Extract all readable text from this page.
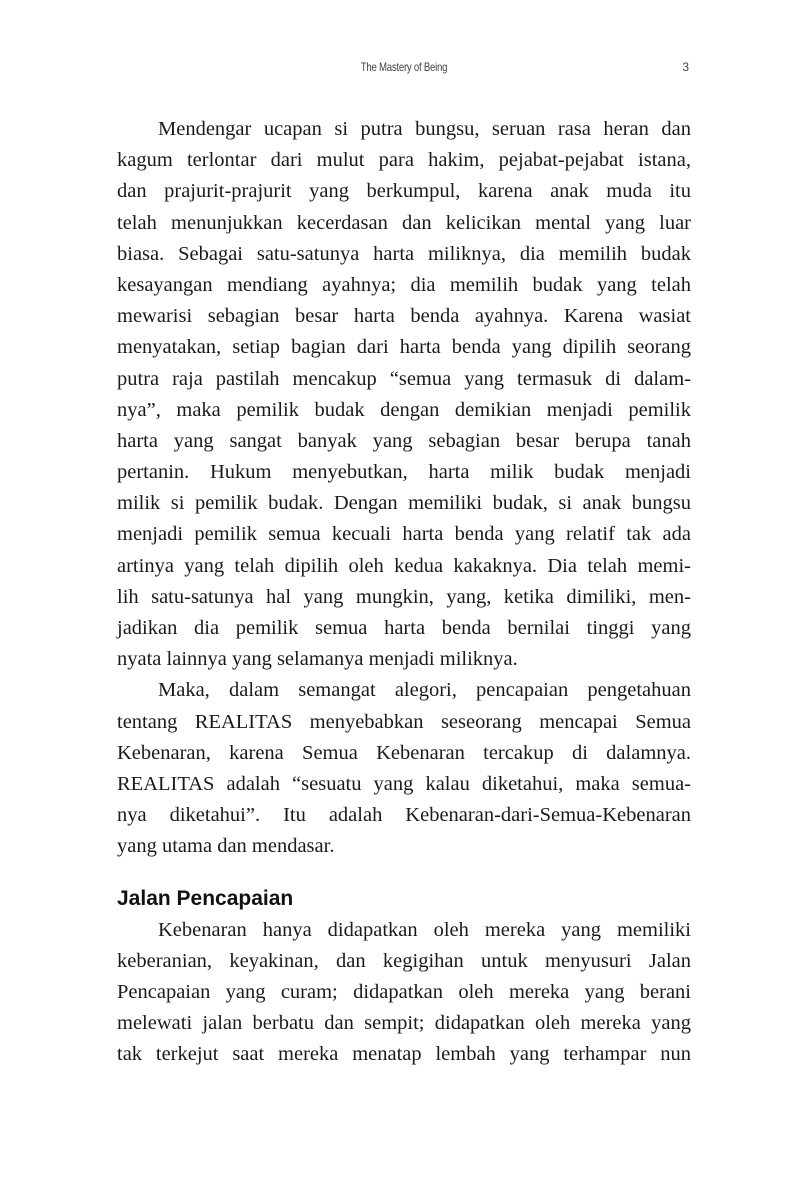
The Mastery of Being	3
Mendengar ucapan si putra bungsu, seruan rasa heran dan
kagum terlontar dari mulut para hakim, pejabat-pejabat istana,
dan prajurit-prajurit yang berkumpul, karena anak muda itu
telah menunjukkan kecerdasan dan kelicikan mental yang luar
biasa. Sebagai satu-satunya harta miliknya, dia memilih budak
kesayangan mendiang ayahnya; dia memilih budak yang telah
mewarisi sebagian besar harta benda ayahnya. Karena wasiat
menyatakan, setiap bagian dari harta benda yang dipilih seorang
putra raja pastilah mencakup “semua yang termasuk di dalam-
nya”, maka pemilik budak dengan demikian menjadi pemilik
harta yang sangat banyak yang sebagian besar berupa tanah
pertanin. Hukum menyebutkan, harta milik budak menjadi
milik si pemilik budak. Dengan memiliki budak, si anak bungsu
menjadi pemilik semua kecuali harta benda yang relatif tak ada
artinya yang telah dipilih oleh kedua kakaknya. Dia telah memi-
lih satu-satunya hal yang mungkin, yang, ketika dimiliki, men-
jadikan dia pemilik semua harta benda bernilai tinggi yang
nyata lainnya yang selamanya menjadi miliknya.
Maka, dalam semangat alegori, pencapaian pengetahuan
tentang REALITAS menyebabkan seseorang mencapai Semua
Kebenaran, karena Semua Kebenaran tercakup di dalamnya.
REALITAS adalah “sesuatu yang kalau diketahui, maka semua-
nya diketahui”. Itu adalah Kebenaran-dari-Semua-Kebenaran
yang utama dan mendasar.
Jalan Pencapaian
Kebenaran hanya didapatkan oleh mereka yang memiliki
keberanian, keyakinan, dan kegigihan untuk menyusuri Jalan
Pencapaian yang curam; didapatkan oleh mereka yang berani
melewati jalan berbatu dan sempit; didapatkan oleh mereka yang
tak terkejut saat mereka menatap lembah yang terhampar nun
